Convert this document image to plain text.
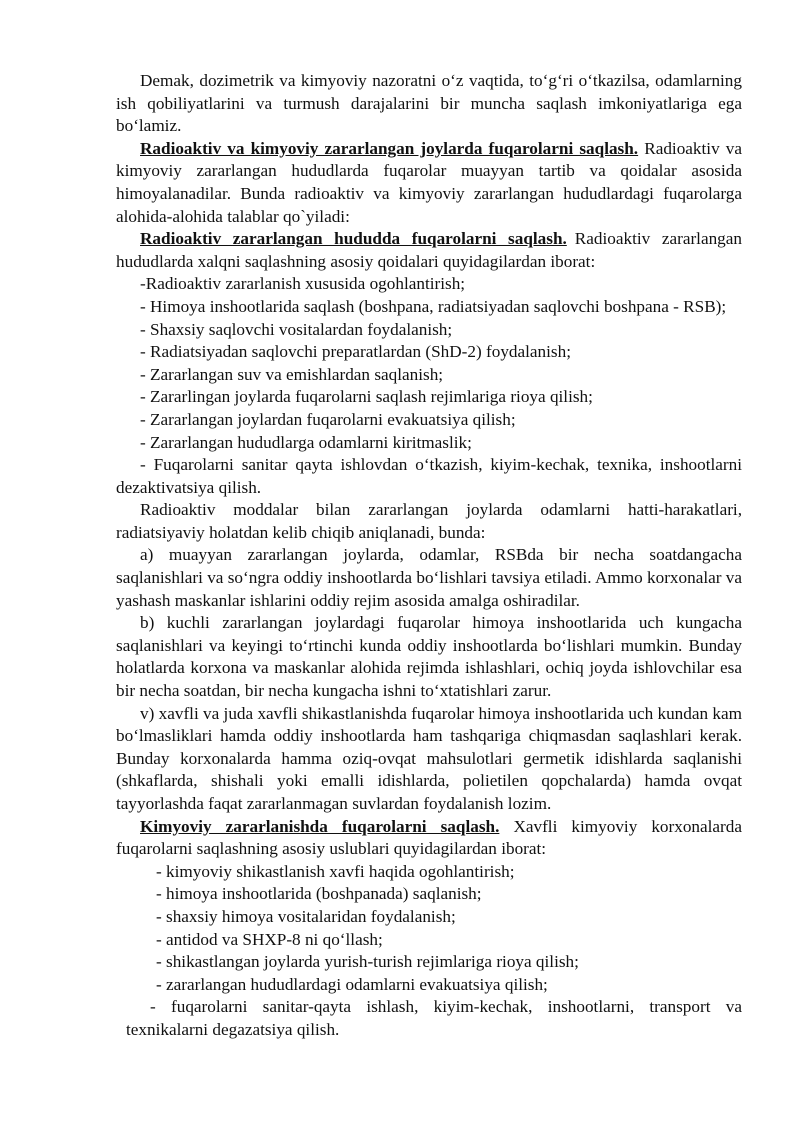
Demak, dozimetrik va kimyoviy nazoratni o‘z vaqtida, to‘g‘ri o‘tkazilsa, odamlarning ish qobiliyatlarini va turmush darajalarini bir muncha saqlash imkoniyatlariga ega bo‘lamiz.

Radioaktiv va kimyoviy zararlangan joylarda fuqarolarni saqlash. Radioaktiv va kimyoviy zararlangan hududlarda fuqarolar muayyan tartib va qoidalar asosida himoyalanadilar. Bunda radioaktiv va kimyoviy zararlangan hududlardagi fuqarolarga alohida-alohida talablar qo`yiladi:

Radioaktiv zararlangan hududda fuqarolarni saqlash. Radioaktiv zararlangan hududlarda xalqni saqlashning asosiy qoidalari quyidagilardan iborat:

-Radioaktiv zararlanish xususida ogohlantirish;

- Himoya inshootlarida saqlash (boshpana, radiatsiyadan saqlovchi boshpana - RSB);

- Shaxsiy saqlovchi vositalardan foydalanish;

- Radiatsiyadan saqlovchi preparatlardan (ShD-2) foydalanish;

- Zararlangan suv va emishlardan saqlanish;

- Zararlingan joylarda fuqarolarni saqlash rejimlariga rioya qilish;

- Zararlangan joylardan fuqarolarni evakuatsiya qilish;

- Zararlangan hududlarga odamlarni kiritmaslik;

- Fuqarolarni sanitar qayta ishlovdan o‘tkazish, kiyim-kechak, texnika, inshootlarni dezaktivatsiya qilish.

Radioaktiv moddalar bilan zararlangan joylarda odamlarni hatti-harakatlari, radiatsiyaviy holatdan kelib chiqib aniqlanadi, bunda:

a) muayyan zararlangan joylarda, odamlar, RSBda bir necha soatdangacha saqlanishlari va so‘ngra oddiy inshootlarda bo‘lishlari tavsiya etiladi. Ammo korxonalar va yashash maskanlar ishlarini oddiy rejim asosida amalga oshiradilar.

b) kuchli zararlangan joylardagi fuqarolar himoya inshootlarida uch kungacha saqlanishlari va keyingi to‘rtinchi kunda oddiy inshootlarda bo‘lishlari mumkin. Bunday holatlarda korxona va maskanlar alohida rejimda ishlashlari, ochiq joyda ishlovchilar esa bir necha soatdan, bir necha kungacha ishni to‘xtatishlari zarur.

v) xavfli va juda xavfli shikastlanishda fuqarolar himoya inshootlarida uch kundan kam bo‘lmasliklari hamda oddiy inshootlarda ham tashqariga chiqmasdan saqlashlari kerak. Bunday korxonalarda hamma oziq-ovqat mahsulotlari germetik idishlarda saqlanishi (shkaflarda, shishali yoki emalli idishlarda, polietilen qopchalarda) hamda ovqat tayyorlashda faqat zararlanmagan suvlardan foydalanish lozim.

Kimyoviy zararlanishda fuqarolarni saqlash. Xavfli kimyoviy korxonalarda fuqarolarni saqlashning asosiy uslublari quyidagilardan iborat:

- kimyoviy shikastlanish xavfi haqida ogohlantirish;

- himoya inshootlarida (boshpanada) saqlanish;

- shaxsiy himoya vositalaridan foydalanish;

- antidod va SHXP-8 ni qo‘llash;

- shikastlangan joylarda yurish-turish rejimlariga rioya qilish;

- zararlangan hududlardagi odamlarni evakuatsiya qilish;

- fuqarolarni sanitar-qayta ishlash, kiyim-kechak, inshootlarni, transport va texnikalarni degazatsiya qilish.
